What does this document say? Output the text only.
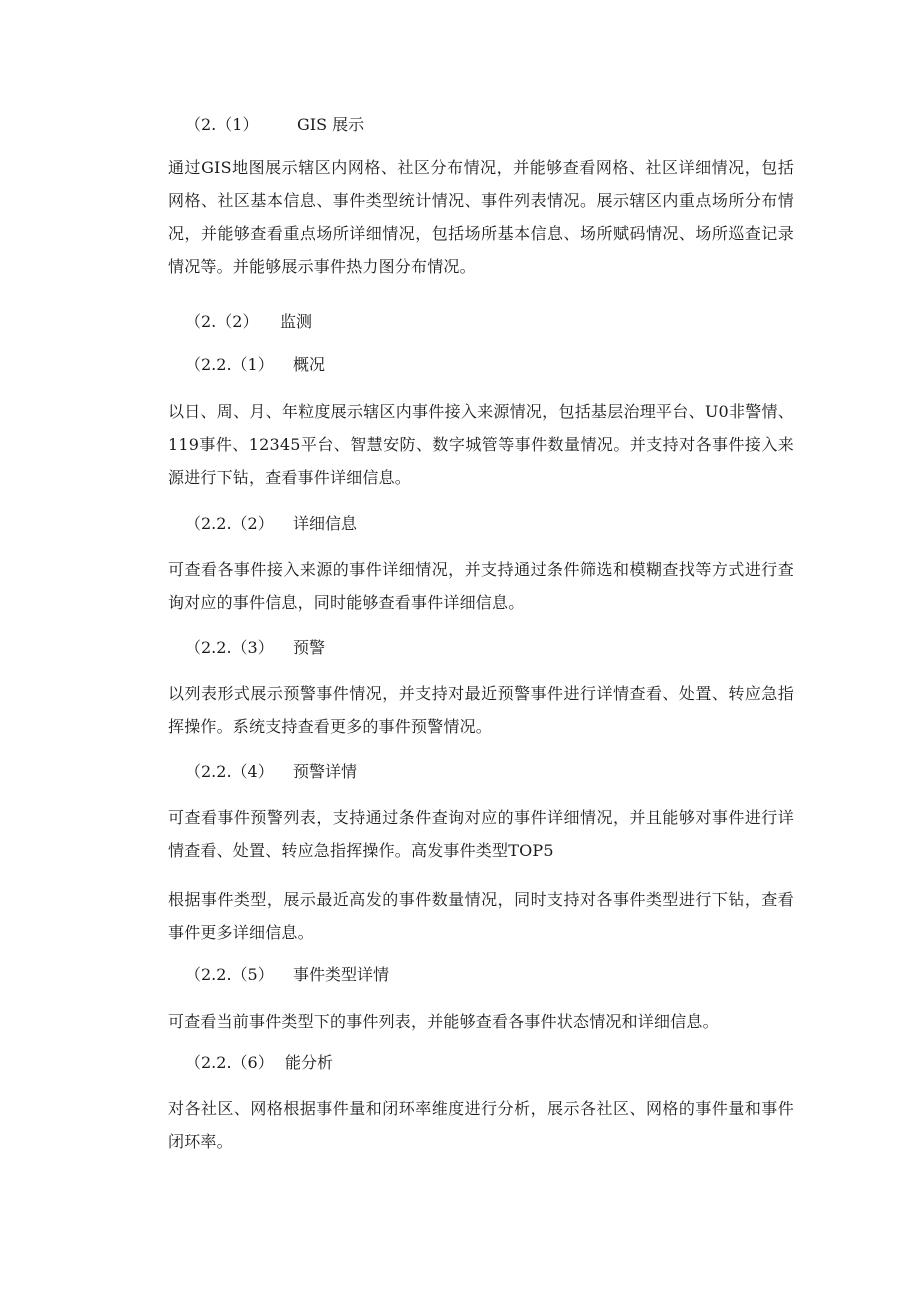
（2.（1） GIS 展示
通过GIS地图展示辖区内网格、社区分布情况，并能够查看网格、社区详细情况，包括网格、社区基本信息、事件类型统计情况、事件列表情况。展示辖区内重点场所分布情况，并能够查看重点场所详细情况，包括场所基本信息、场所赋码情况、场所巡查记录情况等。并能够展示事件热力图分布情况。
（2.（2） 监测
（2.2.（1） 概况
以日、周、月、年粒度展示辖区内事件接入来源情况，包括基层治理平台、U0非警情、119事件、12345平台、智慧安防、数字城管等事件数量情况。并支持对各事件接入来源进行下钻，查看事件详细信息。
（2.2.（2） 详细信息
可查看各事件接入来源的事件详细情况，并支持通过条件筛选和模糊查找等方式进行查询对应的事件信息，同时能够查看事件详细信息。
（2.2.（3） 预警
以列表形式展示预警事件情况，并支持对最近预警事件进行详情查看、处置、转应急指挥操作。系统支持查看更多的事件预警情况。
（2.2.（4） 预警详情
可查看事件预警列表，支持通过条件查询对应的事件详细情况，并且能够对事件进行详情查看、处置、转应急指挥操作。高发事件类型TOP5
根据事件类型，展示最近高发的事件数量情况，同时支持对各事件类型进行下钻，查看事件更多详细信息。
（2.2.（5） 事件类型详情
可查看当前事件类型下的事件列表，并能够查看各事件状态情况和详细信息。
（2.2.（6） 能分析
对各社区、网格根据事件量和闭环率维度进行分析，展示各社区、网格的事件量和事件闭环率。
